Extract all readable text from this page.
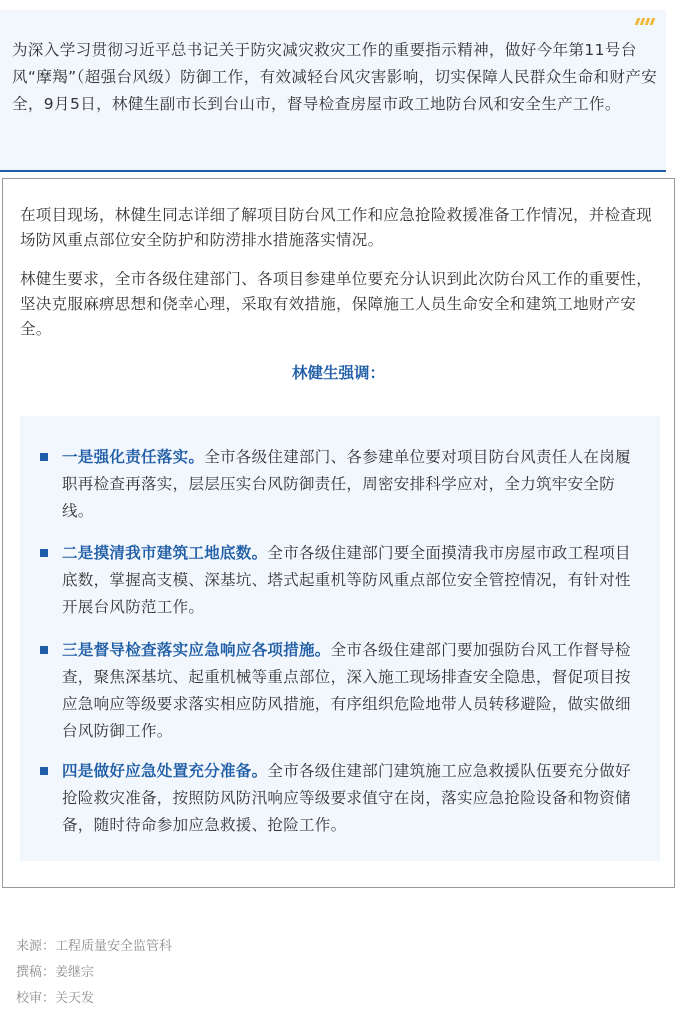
为深入学习贯彻习近平总书记关于防灾减灾救灾工作的重要指示精神，做好今年第11号台风“摩羯”（超强台风级）防御工作，有效减轻台风灾害影响，切实保障人民群众生命和财产安全，9月5日，林健生副市长到台山市，督导检查房屋市政工地防台风和安全生产工作。

在项目现场，林健生同志详细了解项目防台风工作和应急抢险救援准备工作情况，并检查现场防风重点部位安全防护和防涝排水措施落实情况。

林健生要求，全市各级住建部门、各项目参建单位要充分认识到此次防台风工作的重要性，坚决克服麻痹思想和侥幸心理，采取有效措施，保障施工人员生命安全和建筑工地财产安全。

林健生强调：

一是强化责任落实。全市各级住建部门、各参建单位要对项目防台风责任人在岗履职再检查再落实，层层压实台风防御责任，周密安排科学应对，全力筑牢安全防线。
二是摸清我市建筑工地底数。全市各级住建部门要全面摸清我市房屋市政工程项目底数，掌握高支模、深基坑、塔式起重机等防风重点部位安全管控情况，有针对性开展台风防范工作。
三是督导检查落实应急响应各项措施。全市各级住建部门要加强防台风工作督导检查，聚焦深基坑、起重机械等重点部位，深入施工现场排查安全隐患，督促项目按应急响应等级要求落实相应防风措施，有序组织危险地带人员转移避险，做实做细台风防御工作。
四是做好应急处置充分准备。全市各级住建部门建筑施工应急救援队伍要充分做好抢险救灾准备，按照防风防汛响应等级要求值守在岗，落实应急抢险设备和物资储备，随时待命参加应急救援、抢险工作。
来源：工程质量安全监管科
撰稿：姜继宗
校审：关天发
